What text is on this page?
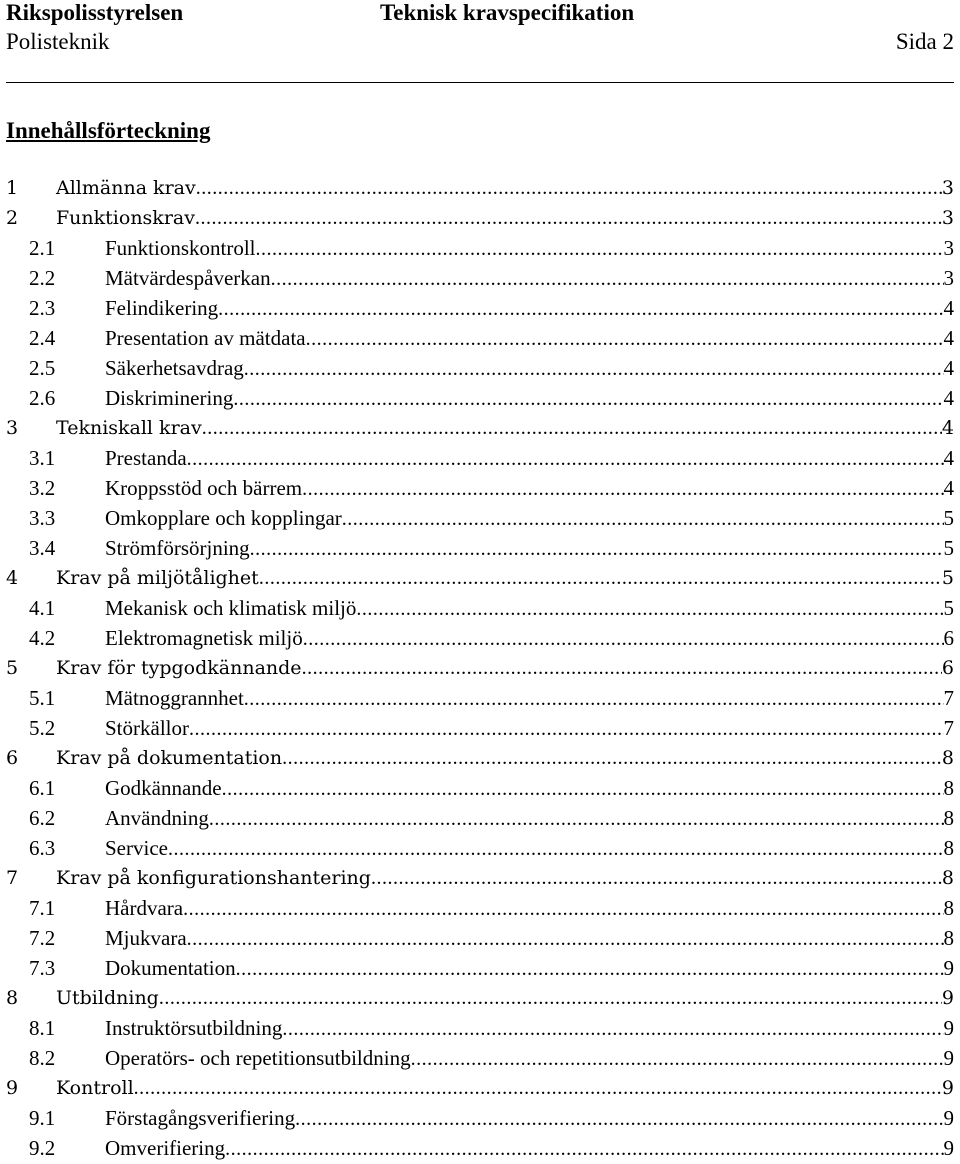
Rikspolisstyrelsen	Teknisk kravspecifikation
Polisteknik	Sida 2
Innehållsförteckning
1 Allmänna krav .....	3
2 Funktionskrav .....	3
2.1 Funktionskontroll .....	3
2.2 Mätvärdespåverkan .....	3
2.3 Felindikering .....	4
2.4 Presentation av mätdata .....	4
2.5 Säkerhetsavdrag .....	4
2.6 Diskriminering .....	4
3 Tekniskall krav .....	4
3.1 Prestanda .....	4
3.2 Kroppsstöd och bärrem .....	4
3.3 Omkopplare och kopplingar .....	5
3.4 Strömförsörjning .....	5
4 Krav på miljötålighet .....	5
4.1 Mekanisk och klimatisk miljö .....	5
4.2 Elektromagnetisk miljö .....	6
5 Krav för typgodkännande .....	6
5.1 Mätnoggrannhet .....	7
5.2 Störkällor .....	7
6 Krav på dokumentation .....	8
6.1 Godkännande .....	8
6.2 Användning .....	8
6.3 Service .....	8
7 Krav på konfigurationshantering .....	8
7.1 Hårdvara .....	8
7.2 Mjukvara .....	8
7.3 Dokumentation .....	9
8 Utbildning .....	9
8.1 Instruktörsutbildning .....	9
8.2 Operatörs- och repetitionsutbildning .....	9
9 Kontroll .....	9
9.1 Förstagångsverifiering .....	9
9.2 Omverifiering .....	9
